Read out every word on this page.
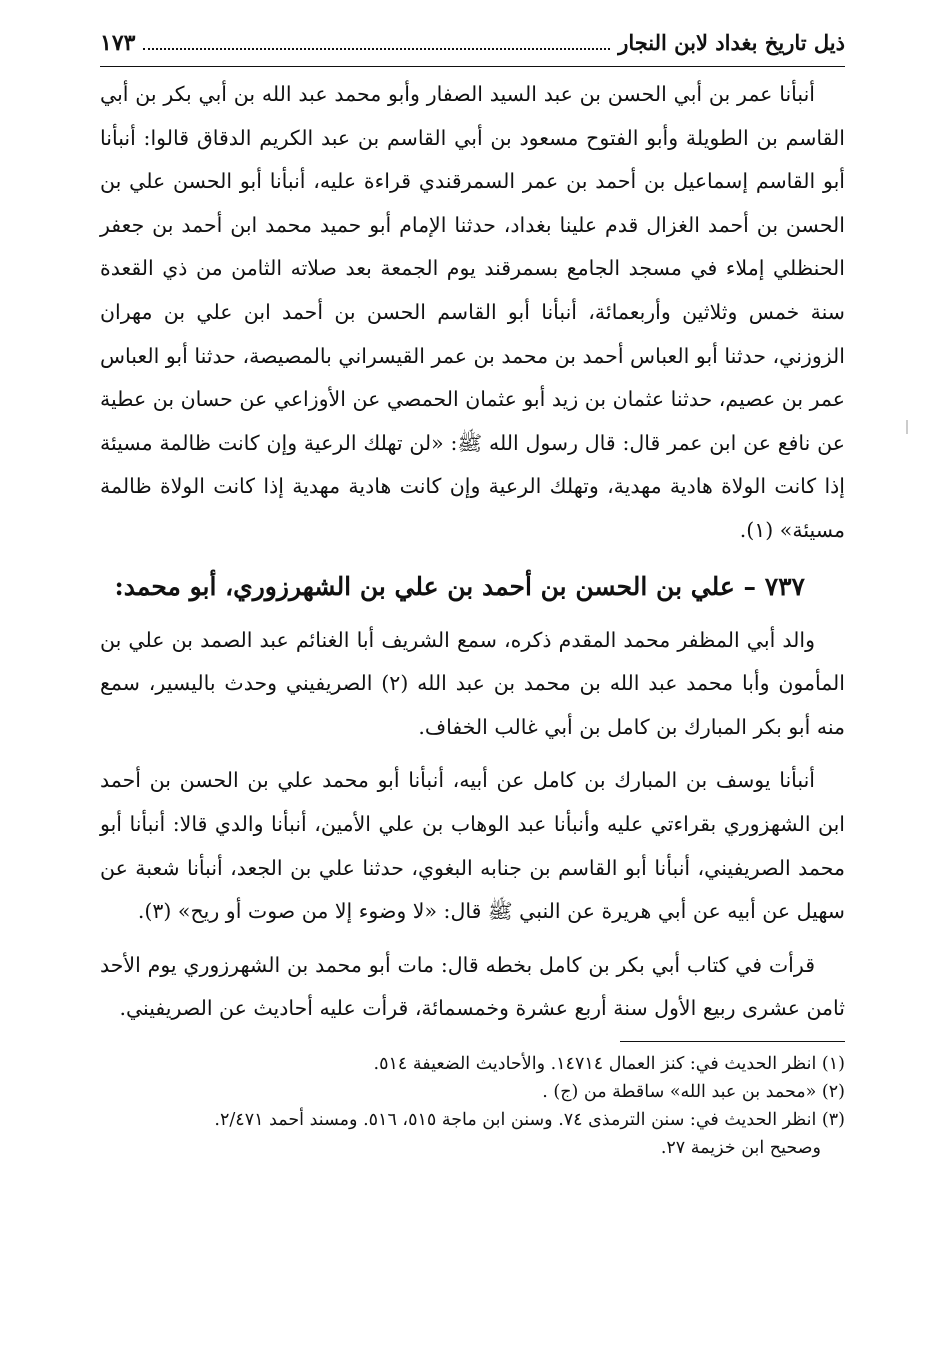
ذيل تاريخ بغداد لابن النجار
١٧٣

أنبأنا عمر بن أبي الحسن بن عبد السيد الصفار وأبو محمد عبد الله بن أبي بكر بن أبي القاسم بن الطويلة وأبو الفتوح مسعود بن أبي القاسم بن عبد الكريم الدقاق قالوا: أنبأنا أبو القاسم إسماعيل بن أحمد بن عمر السمرقندي قراءة عليه، أنبأنا أبو الحسن علي بن الحسن بن أحمد الغزال قدم علينا بغداد، حدثنا الإمام أبو حميد محمد ابن أحمد بن جعفر الحنظلي إملاء في مسجد الجامع بسمرقند يوم الجمعة بعد صلاته الثامن من ذي القعدة سنة خمس وثلاثين وأربعمائة، أنبأنا أبو القاسم الحسن بن أحمد ابن علي بن مهران الزوزني، حدثنا أبو العباس أحمد بن محمد بن عمر القيسراني بالمصيصة، حدثنا أبو العباس عمر بن عصيم، حدثنا عثمان بن زيد أبو عثمان الحمصي عن الأوزاعي عن حسان بن عطية عن نافع عن ابن عمر قال: قال رسول الله ﷺ: «لن تهلك الرعية وإن كانت ظالمة مسيئة إذا كانت الولاة هادية مهدية، وتهلك الرعية وإن كانت هادية مهدية إذا كانت الولاة ظالمة مسيئة» (١).

٧٣٧ – علي بن الحسن بن أحمد بن علي بن الشهرزوري، أبو محمد:

والد أبي المظفر محمد المقدم ذكره، سمع الشريف أبا الغنائم عبد الصمد بن علي بن المأمون وأبا محمد عبد الله بن محمد بن عبد الله (٢) الصريفيني وحدث باليسير، سمع منه أبو بكر المبارك بن كامل بن أبي غالب الخفاف.

أنبأنا يوسف بن المبارك بن كامل عن أبيه، أنبأنا أبو محمد علي بن الحسن بن أحمد ابن الشهزوري بقراءتي عليه وأنبأنا عبد الوهاب بن علي الأمين، أنبأنا والدي قالا: أنبأنا أبو محمد الصريفيني، أنبأنا أبو القاسم بن جنابه البغوي، حدثنا علي بن الجعد، أنبأنا شعبة عن سهيل عن أبيه عن أبي هريرة عن النبي ﷺ قال: «لا وضوء إلا من صوت أو ريح» (٣).

قرأت في كتاب أبي بكر بن كامل بخطه قال: مات أبو محمد بن الشهرزوري يوم الأحد ثامن عشرى ربيع الأول سنة أربع عشرة وخمسمائة، قرأت عليه أحاديث عن الصريفيني.

(١) انظر الحديث في: كنز العمال ١٤٧١٤. والأحاديث الضعيفة ٥١٤.

(٢) «محمد بن عبد الله» ساقطة من (ج) .

(٣) انظر الحديث في: سنن الترمذى ٧٤. وسنن ابن ماجة ٥١٥، ٥١٦. ومسند أحمد ٢/٤٧١.

وصحيح ابن خزيمة ٢٧.
